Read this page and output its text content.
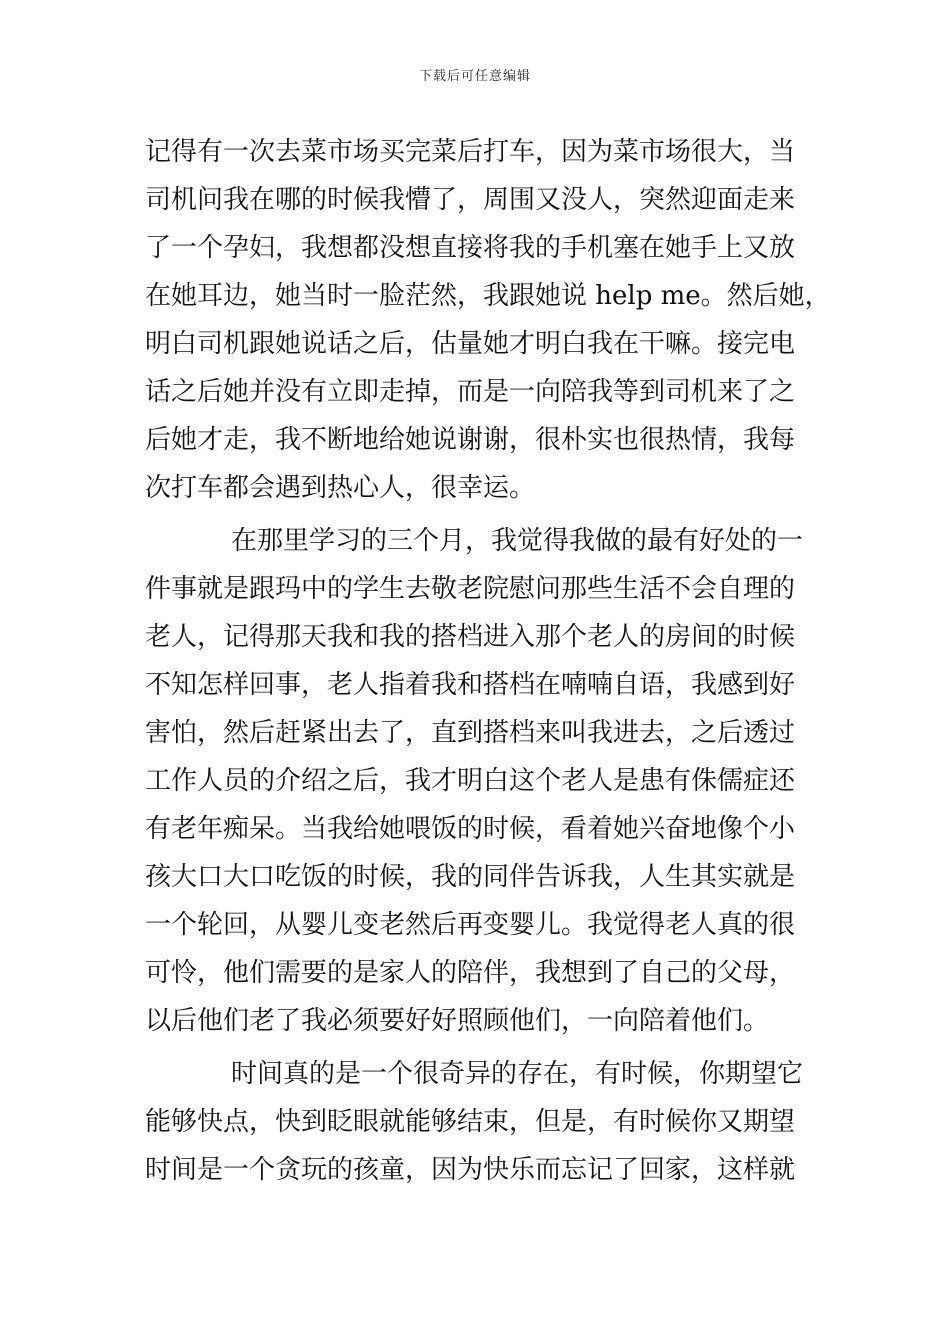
下载后可任意编辑
记得有一次去菜市场买完菜后打车，因为菜市场很大，当
司机问我在哪的时候我懵了，周围又没人，突然迎面走来
了一个孕妇，我想都没想直接将我的手机塞在她手上又放
在她耳边，她当时一脸茫然，我跟她说 help me。然后她，
明白司机跟她说话之后，估量她才明白我在干嘛。接完电
话之后她并没有立即走掉，而是一向陪我等到司机来了之
后她才走，我不断地给她说谢谢，很朴实也很热情，我每
次打车都会遇到热心人，很幸运。
在那里学习的三个月，我觉得我做的最有好处的一
件事就是跟玛中的学生去敬老院慰问那些生活不会自理的
老人，记得那天我和我的搭档进入那个老人的房间的时候
不知怎样回事，老人指着我和搭档在喃喃自语，我感到好
害怕，然后赶紧出去了，直到搭档来叫我进去，之后透过
工作人员的介绍之后，我才明白这个老人是患有侏儒症还
有老年痴呆。当我给她喂饭的时候，看着她兴奋地像个小
孩大口大口吃饭的时候，我的同伴告诉我，人生其实就是
一个轮回，从婴儿变老然后再变婴儿。我觉得老人真的很
可怜，他们需要的是家人的陪伴，我想到了自己的父母，
以后他们老了我必须要好好照顾他们，一向陪着他们。
时间真的是一个很奇异的存在，有时候，你期望它
能够快点，快到眨眼就能够结束，但是，有时候你又期望
时间是一个贪玩的孩童，因为快乐而忘记了回家，这样就
